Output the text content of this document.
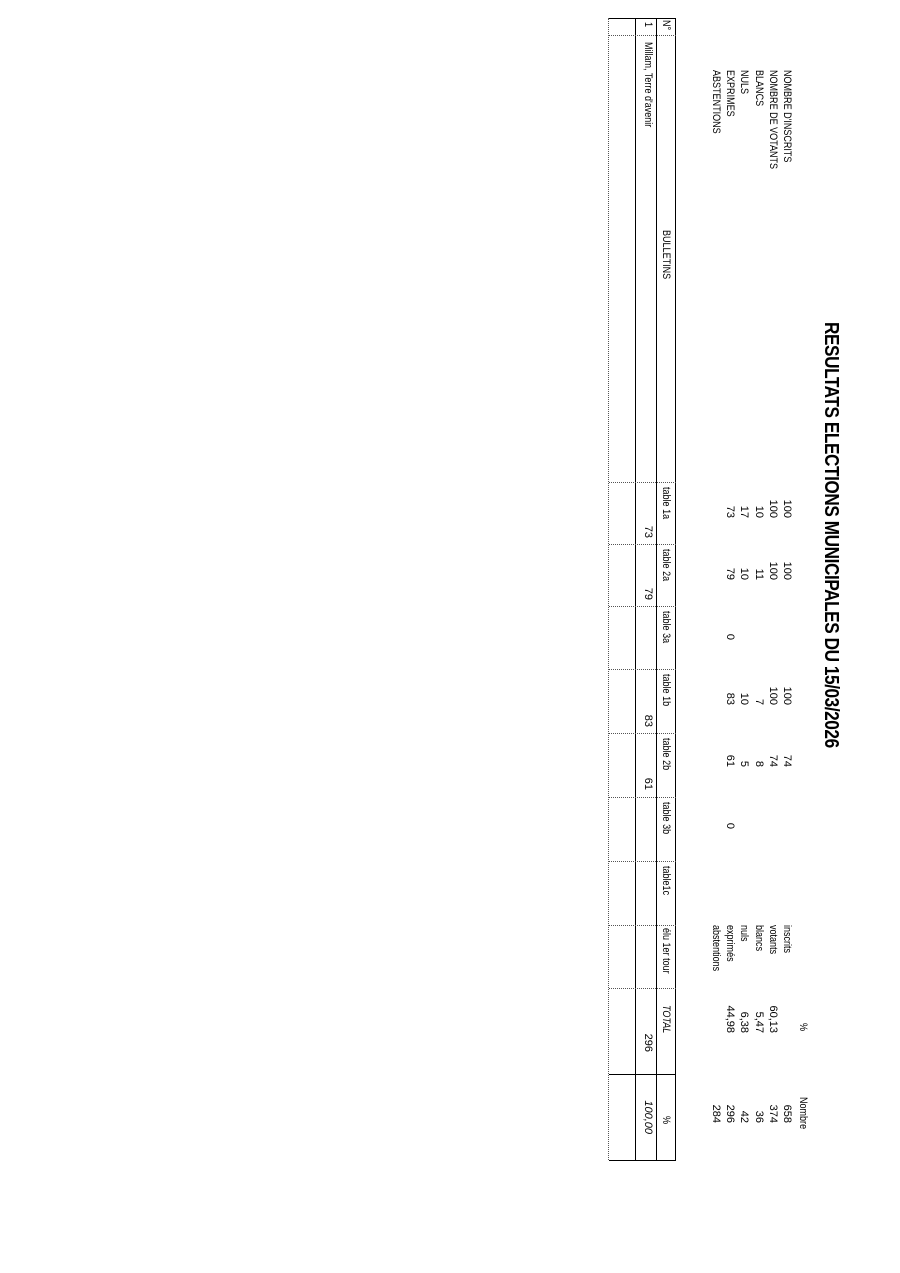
RESULTATS ELECTIONS MUNICIPALES DU 15/03/2026
NOMBRE D'INSCRITS
NOMBRE DE VOTANTS
BLANCS
NULS
EXPRIMES
ABSTENTIONS
100
100
10
17
73
100
100
11
10
79
0
100
100
7
10
83
74
74
8
5
61
0
inscrits
votants
blancs
nuls
exprimés
abstentions
%
60,13
5,47
6,38
44,98
Nombre
658
374
36
42
296
284
N°
BULLETINS
table 1a
table 2a
table 3a
table 1b
table 2b
table 3b
table1c
élu 1er tour
TOTAL
%
1
Millam, Terre d'avenir
73
79
83
61
296
100,00
